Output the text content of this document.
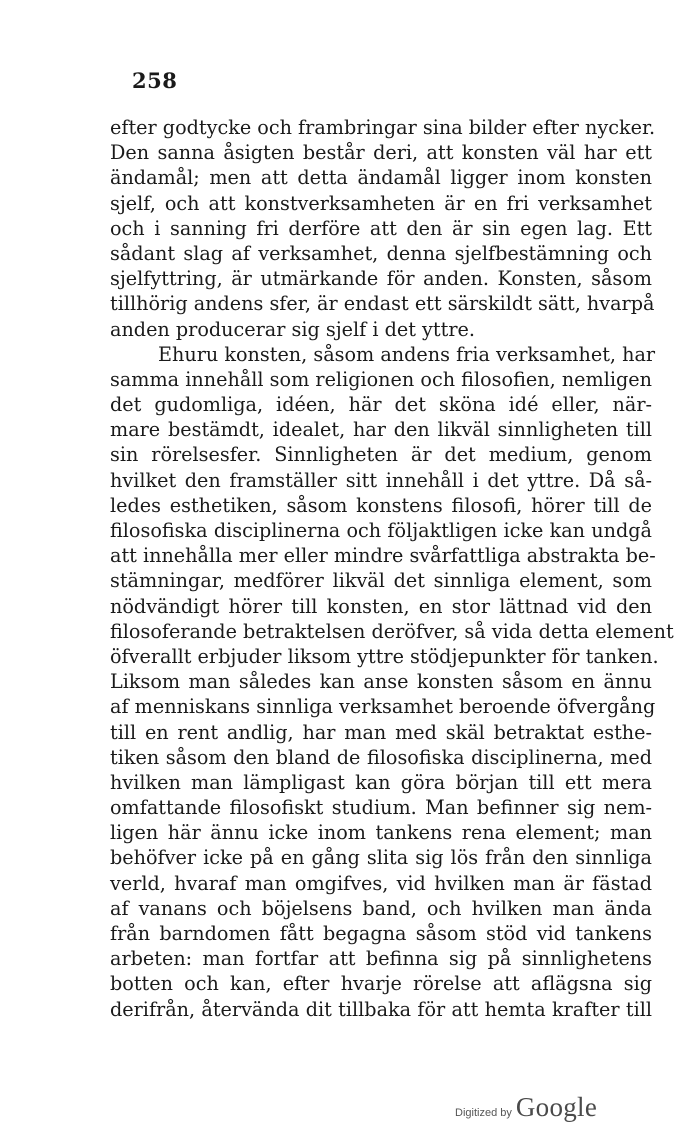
258
efter godtycke och frambringar sina bilder efter nycker.
Den sanna åsigten består deri, att konsten väl har ett
ändamål; men att detta ändamål ligger inom konsten
sjelf, och att konstverksamheten är en fri verksamhet
och i sanning fri derföre att den är sin egen lag. Ett
sådant slag af verksamhet, denna sjelfbestämning och
sjelfyttring, är utmärkande för anden. Konsten, såsom
tillhörig andens sfer, är endast ett särskildt sätt, hvarpå
anden producerar sig sjelf i det yttre.
Ehuru konsten, såsom andens fria verksamhet, har
samma innehåll som religionen och filosofien, nemligen
det gudomliga, idéen, här det sköna idé eller, när-
mare bestämdt, idealet, har den likväl sinnligheten till
sin rörelsesfer. Sinnligheten är det medium, genom
hvilket den framställer sitt innehåll i det yttre. Då så-
ledes esthetiken, såsom konstens filosofi, hörer till de
filosofiska disciplinerna och följaktligen icke kan undgå
att innehålla mer eller mindre svårfattliga abstrakta be-
stämningar, medförer likväl det sinnliga element, som
nödvändigt hörer till konsten, en stor lättnad vid den
filosoferande betraktelsen deröfver, så vida detta element
öfverallt erbjuder liksom yttre stödjepunkter för tanken.
Liksom man således kan anse konsten såsom en ännu
af menniskans sinnliga verksamhet beroende öfvergång
till en rent andlig, har man med skäl betraktat esthe-
tiken såsom den bland de filosofiska disciplinerna, med
hvilken man lämpligast kan göra början till ett mera
omfattande filosofiskt studium. Man befinner sig nem-
ligen här ännu icke inom tankens rena element; man
behöfver icke på en gång slita sig lös från den sinnliga
verld, hvaraf man omgifves, vid hvilken man är fästad
af vanans och böjelsens band, och hvilken man ända
från barndomen fått begagna såsom stöd vid tankens
arbeten: man fortfar att befinna sig på sinnlighetens
botten och kan, efter hvarje rörelse att aflägsna sig
derifrån, återvända dit tillbaka för att hemta krafter till
Digitized by Google
